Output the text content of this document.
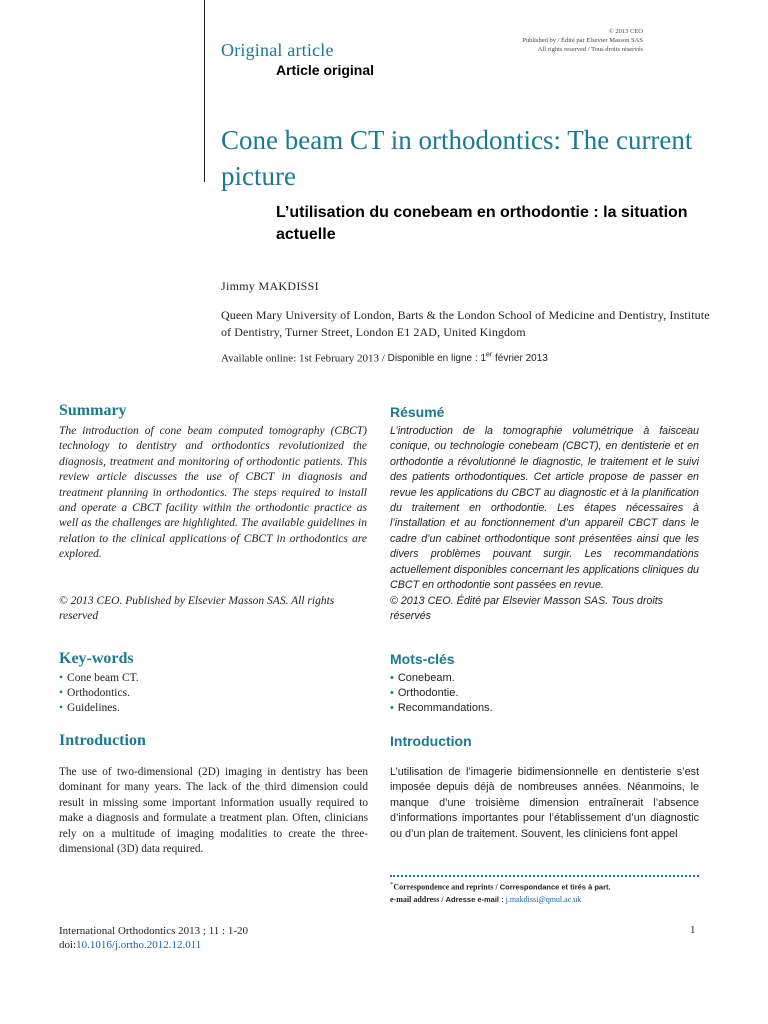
© 2013 CEO
Published by / Édité par Elsevier Masson SAS
All rights reserved / Tous droits réservés
Original article
Article original
Cone beam CT in orthodontics: The current picture
L’utilisation du conebeam en orthodontie : la situation actuelle
Jimmy MAKDISSI
Queen Mary University of London, Barts & the London School of Medicine and Dentistry, Institute of Dentistry, Turner Street, London E1 2AD, United Kingdom
Available online: 1st February 2013 / Disponible en ligne : 1er février 2013
Summary
The introduction of cone beam computed tomography (CBCT) technology to dentistry and orthodontics revolutionized the diagnosis, treatment and monitoring of orthodontic patients. This review article discusses the use of CBCT in diagnosis and treatment planning in orthodontics. The steps required to install and operate a CBCT facility within the orthodontic practice as well as the challenges are highlighted. The available guidelines in relation to the clinical applications of CBCT in orthodontics are explored.
© 2013 CEO. Published by Elsevier Masson SAS. All rights reserved
Résumé
L’introduction de la tomographie volumétrique à faisceau conique, ou technologie conebeam (CBCT), en dentisterie et en orthodontie a révolutionné le diagnostic, le traitement et le suivi des patients orthodontiques. Cet article propose de passer en revue les applications du CBCT au diagnostic et à la planification du traitement en orthodontie. Les étapes nécessaires à l’installation et au fonctionnement d’un appareil CBCT dans le cadre d’un cabinet orthodontique sont présentées ainsi que les divers problèmes pouvant surgir. Les recommandations actuellement disponibles concernant les applications cliniques du CBCT en orthodontie sont passées en revue.
© 2013 CEO. Édité par Elsevier Masson SAS. Tous droits réservés
Key-words
• Cone beam CT.
• Orthodontics.
• Guidelines.
Mots-clés
• Conebeam.
• Orthodontie.
• Recommandations.
Introduction
The use of two-dimensional (2D) imaging in dentistry has been dominant for many years. The lack of the third dimension could result in missing some important information usually required to make a diagnosis and formulate a treatment plan. Often, clinicians rely on a multitude of imaging modalities to create the three-dimensional (3D) data required.
Introduction
L’utilisation de l’imagerie bidimensionnelle en dentisterie s’est imposée depuis déjà de nombreuses années. Néanmoins, le manque d’une troisième dimension entraînerait l’absence d’informations importantes pour l’établissement d’un diagnostic ou d’un plan de traitement. Souvent, les cliniciens font appel
*Correspondence and reprints / Correspondance et tirés à part.
e-mail address / Adresse e-mail : j.makdissi@qmul.ac.uk
International Orthodontics 2013 ; 11 : 1-20
doi:10.1016/j.ortho.2012.12.011
1
